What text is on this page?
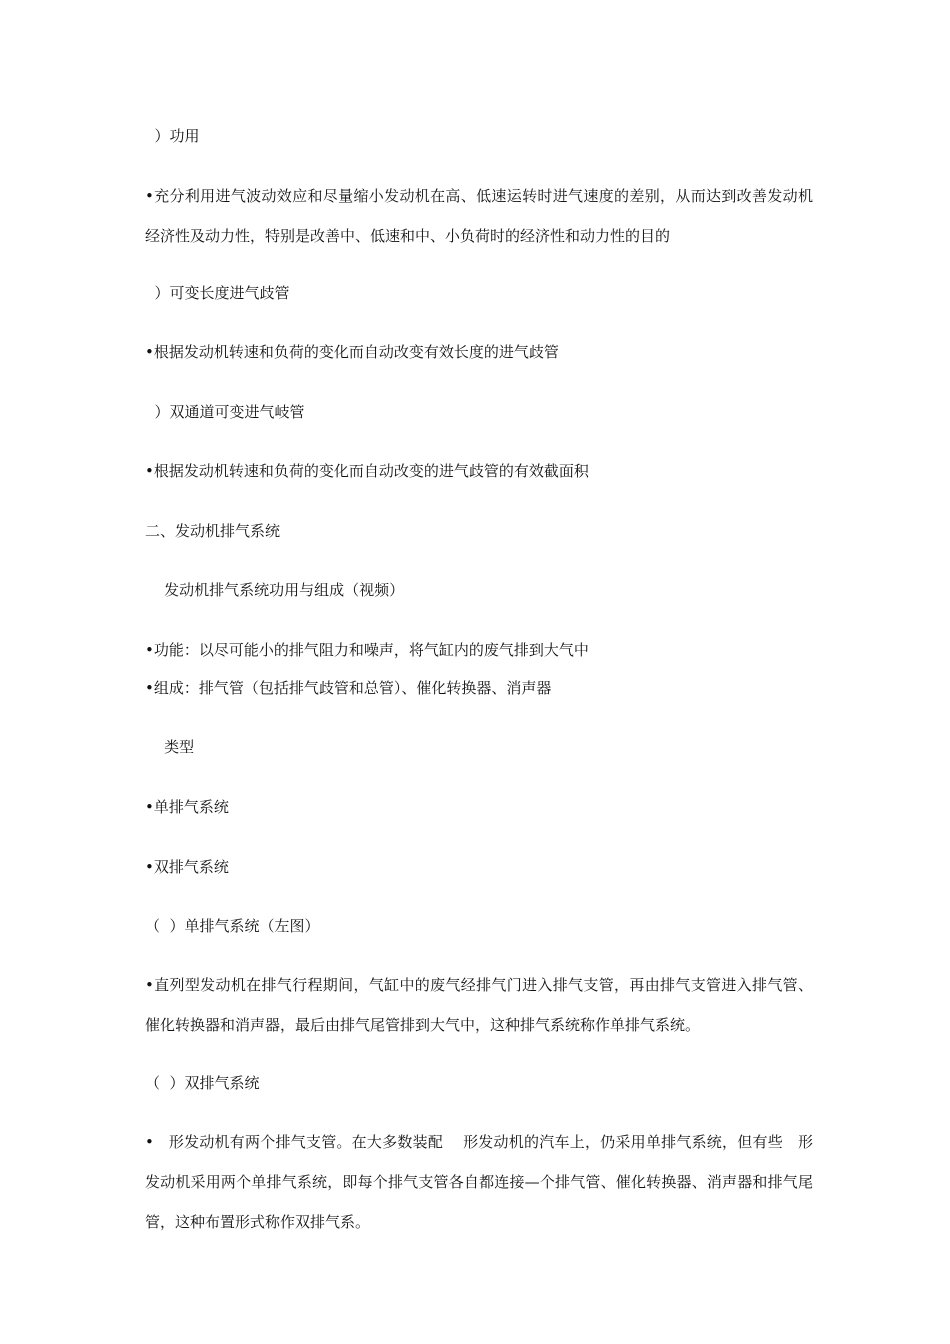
）功用
•充分利用进气波动效应和尽量缩小发动机在高、低速运转时进气速度的差别，从而达到改善发动机经济性及动力性，特别是改善中、低速和中、小负荷时的经济性和动力性的目的
）可变长度进气歧管
•根据发动机转速和负荷的变化而自动改变有效长度的进气歧管
）双通道可变进气岐管
•根据发动机转速和负荷的变化而自动改变的进气歧管的有效截面积
二、发动机排气系统
发动机排气系统功用与组成（视频）
•功能：以尽可能小的排气阻力和噪声，将气缸内的废气排到大气中
•组成：排气管（包括排气歧管和总管）、催化转换器、消声器
类型
•单排气系统
•双排气系统
（  ）单排气系统（左图）
•直列型发动机在排气行程期间，气缸中的废气经排气门进入排气支管，再由排气支管进入排气管、催化转换器和消声器，最后由排气尾管排到大气中，这种排气系统称作单排气系统。
（  ）双排气系统
•   形发动机有两个排气支管。在大多数装配    形发动机的汽车上，仍采用单排气系统，但有些   形发动机采用两个单排气系统，即每个排气支管各自都连接—个排气管、催化转换器、消声器和排气尾管，这种布置形式称作双排气系。
